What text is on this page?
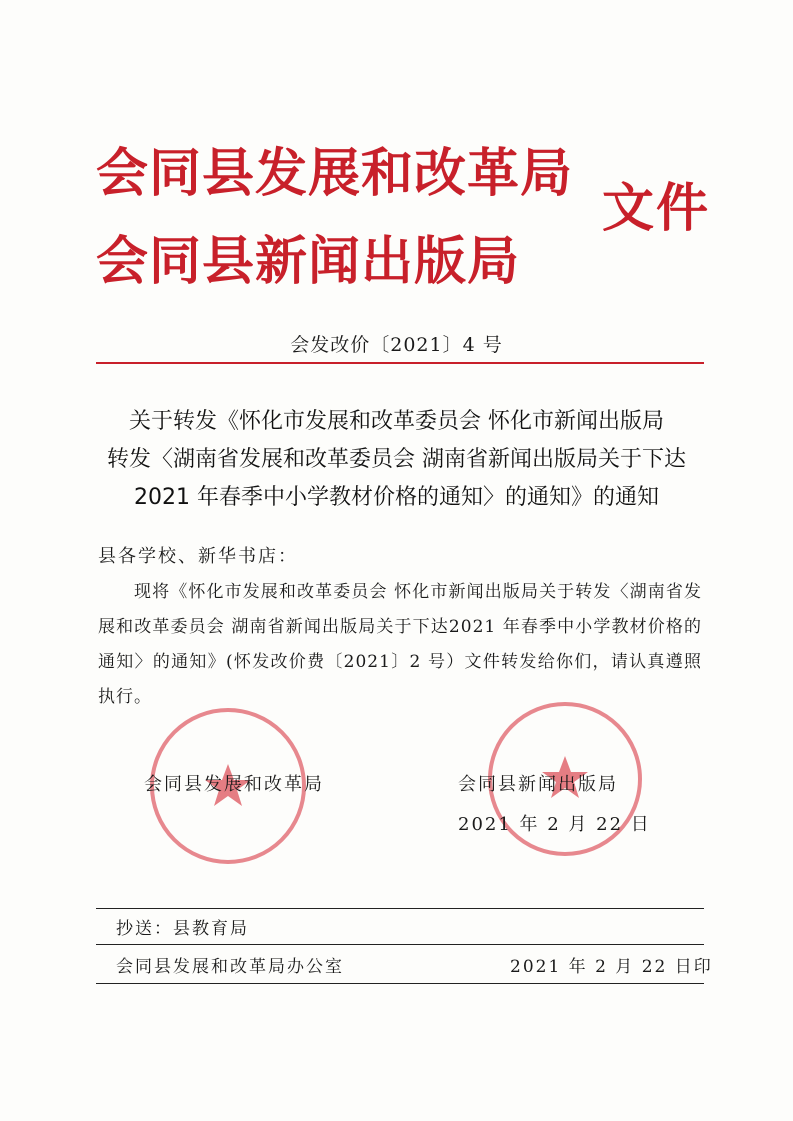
会同县发展和改革局
会同县新闻出版局
文件
会发改价〔2021〕4 号
关于转发《怀化市发展和改革委员会 怀化市新闻出版局
转发〈湖南省发展和改革委员会 湖南省新闻出版局关于下达
2021 年春季中小学教材价格的通知〉的通知》的通知
县各学校、新华书店：
现将《怀化市发展和改革委员会 怀化市新闻出版局关于转发〈湖南省发展和改革委员会 湖南省新闻出版局关于下达2021 年春季中小学教材价格的通知〉的通知》(怀发改价费〔2021〕2 号）文件转发给你们，请认真遵照执行。
会同县发展和改革局	会同县新闻出版局
2021 年 2 月 22 日
抄送：县教育局
会同县发展和改革局办公室	2021 年 2 月 22 日印
